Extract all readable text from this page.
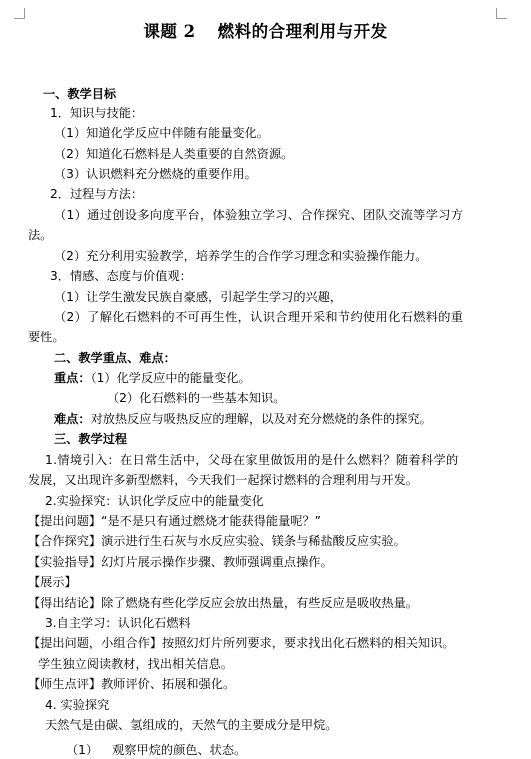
课题 2 燃料的合理利用与开发
一、教学目标
1．知识与技能：
（1）知道化学反应中伴随有能量变化。
（2）知道化石燃料是人类重要的自然资源。
（3）认识燃料充分燃烧的重要作用。
2．过程与方法：
（1）通过创设多向度平台，体验独立学习、合作探究、团队交流等学习方
法。
（2）充分利用实验教学，培养学生的合作学习理念和实验操作能力。
3．情感、态度与价值观：
（1）让学生激发民族自豪感，引起学生学习的兴趣，
（2）了解化石燃料的不可再生性，认识合理开采和节约使用化石燃料的重
要性。
二、教学重点、难点：
重点：（1）化学反应中的能量变化。
（2）化石燃料的一些基本知识。
难点：对放热反应与吸热反应的理解，以及对充分燃烧的条件的探究。
三、教学过程
1.情境引入：在日常生活中，父母在家里做饭用的是什么燃料？随着科学的
发展，又出现许多新型燃料，今天我们一起探讨燃料的合理利用与开发。
2.实验探究：认识化学反应中的能量变化
【提出问题】“是不是只有通过燃烧才能获得能量呢？”
【合作探究】演示进行生石灰与水反应实验、镁条与稀盐酸反应实验。
【实验指导】幻灯片展示操作步骤、教师强调重点操作。
【展示】
【得出结论】除了燃烧有些化学反应会放出热量，有些反应是吸收热量。
3.自主学习：认识化石燃料
【提出问题，小组合作】按照幻灯片所列要求，要求找出化石燃料的相关知识。
学生独立阅读教材，找出相关信息。
【师生点评】教师评价、拓展和强化。
4. 实验探究
天然气是由碳、氢组成的，天然气的主要成分是甲烷。
（1） 观察甲烷的颜色、状态。
